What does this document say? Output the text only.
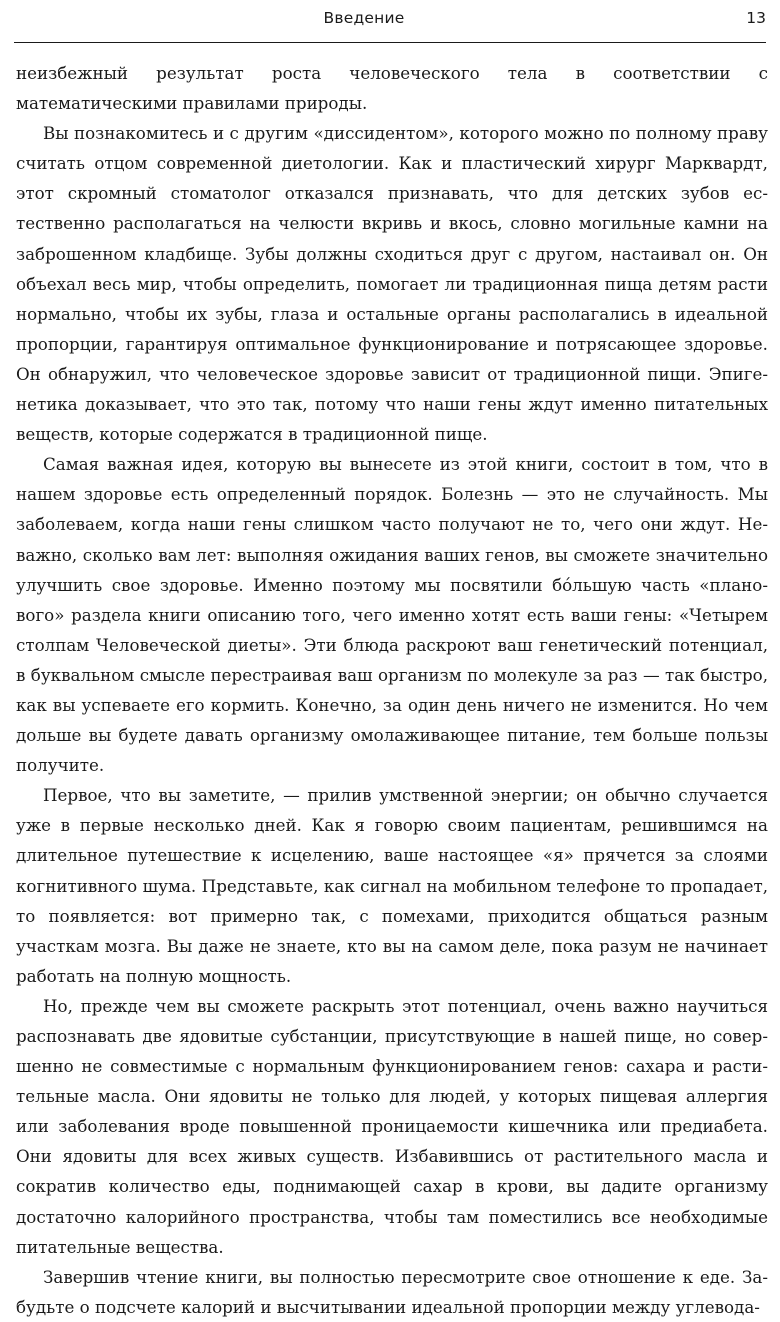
Введение	13

неизбежный результат роста человеческого тела в соответствии с математическими правилами природы.

Вы познакомитесь и с другим «диссидентом», которого можно по полному праву считать отцом современной диетологии. Как и пластический хирург Марквардт, этот скромный стоматолог отказался признавать, что для детских зубов естественно располагаться на челюсти вкривь и вкось, словно могильные камни на заброшенном кладбище. Зубы должны сходиться друг с другом, настаивал он. Он объехал весь мир, чтобы определить, помогает ли традиционная пища детям расти нормально, чтобы их зубы, глаза и остальные органы располагались в идеальной пропорции, гарантируя оптимальное функционирование и потрясающее здоровье. Он обнаружил, что человеческое здоровье зависит от традиционной пищи. Эпигенетика доказывает, что это так, потому что наши гены ждут именно питательных веществ, которые содержатся в традиционной пище.

Самая важная идея, которую вы вынесете из этой книги, состоит в том, что в нашем здоровье есть определенный порядок. Болезнь — это не случайность. Мы заболеваем, когда наши гены слишком часто получают не то, чего они ждут. Неважно, сколько вам лет: выполняя ожидания ваших генов, вы сможете значительно улучшить свое здоровье. Именно поэтому мы посвятили бóльшую часть «планового» раздела книги описанию того, чего именно хотят есть ваши гены: «Четырем столпам Человеческой диеты». Эти блюда раскроют ваш генетический потенциал, в буквальном смысле перестраивая ваш организм по молекуле за раз — так быстро, как вы успеваете его кормить. Конечно, за один день ничего не изменится. Но чем дольше вы будете давать организму омолаживающее питание, тем больше пользы получите.

Первое, что вы заметите, — прилив умственной энергии; он обычно случается уже в первые несколько дней. Как я говорю своим пациентам, решившимся на длительное путешествие к исцелению, ваше настоящее «я» прячется за слоями когнитивного шума. Представьте, как сигнал на мобильном телефоне то пропадает, то появляется: вот примерно так, с помехами, приходится общаться разным участкам мозга. Вы даже не знаете, кто вы на самом деле, пока разум не начинает работать на полную мощность.

Но, прежде чем вы сможете раскрыть этот потенциал, очень важно научиться распознавать две ядовитые субстанции, присутствующие в нашей пище, но совершенно не совместимые с нормальным функционированием генов: сахара и растительные масла. Они ядовиты не только для людей, у которых пищевая аллергия или заболевания вроде повышенной проницаемости кишечника или предиабета. Они ядовиты для всех живых существ. Избавившись от растительного масла и сократив количество еды, поднимающей сахар в крови, вы дадите организму достаточно калорийного пространства, чтобы там поместились все необходимые питательные вещества.

Завершив чтение книги, вы полностью пересмотрите свое отношение к еде. Забудьте о подсчете калорий и высчитывании идеальной пропорции между углевода-
